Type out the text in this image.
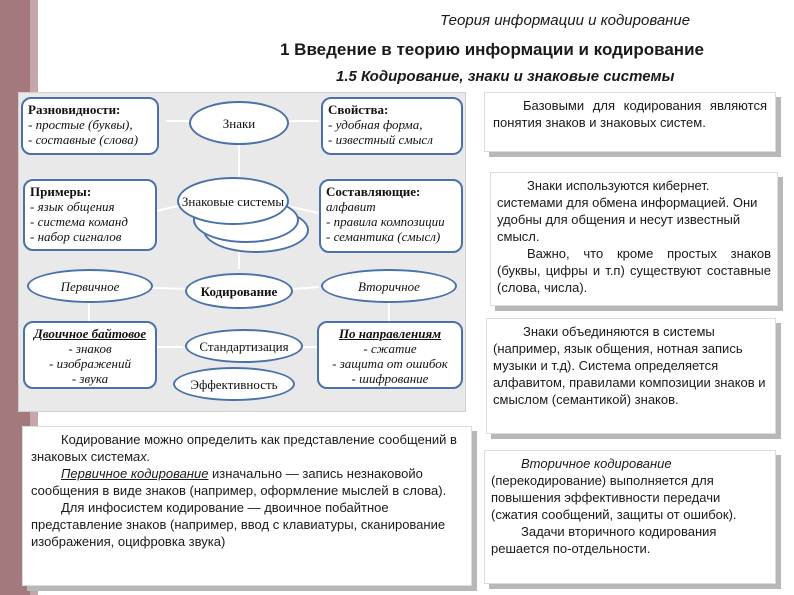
Теория информации и кодирование
1 Введение в теорию информации и кодирование
1.5 Кодирование, знаки и знаковые системы
Разновидности:
- простые (буквы),
- составные (слова)
Знаки
Свойства:
- удобная форма,
- известный смысл
Примеры:
- язык общения
- система команд
- набор сигналов
Знаковые системы
Составляющие:
алфавит
- правила композиции
- семантика (смысл)
Первичное	Кодирование	Вторичное
Двоичное байтовое
- знаков
- изображений
- звука
Стандартизация
Эффективность
По направлениям
- сжатие
- защита от ошибок
- шифрование

Базовыми для кодирования являются понятия знаков и знаковых систем.

Знаки используются кибернет. системами для обмена информацией. Они удобны для общения и несут известный смысл.

Важно, что кроме простых знаков (буквы, цифры и т.п) существуют составные (слова, числа).

Знаки объединяются в системы (например, язык общения, нотная запись музыки и т.д). Система определяется алфавитом, правилами композиции знаков и смыслом (семантикой) знаков.

Вторичное кодирование (перекодирование) выполняется для повышения эффективности передачи (сжатия сообщений, защиты от ошибок).

Задачи вторичного кодирования решается по-отдельности.

Кодирование можно определить как представление сообщений в знаковых системах.

Первичное кодирование изначально — запись незнаковойо сообщения в виде знаков (например, оформление мыслей в слова).

Для инфосистем кодирование — двоичное побайтное представление знаков (например, ввод с клавиатуры, сканирование изображения, оцифровка звука)
